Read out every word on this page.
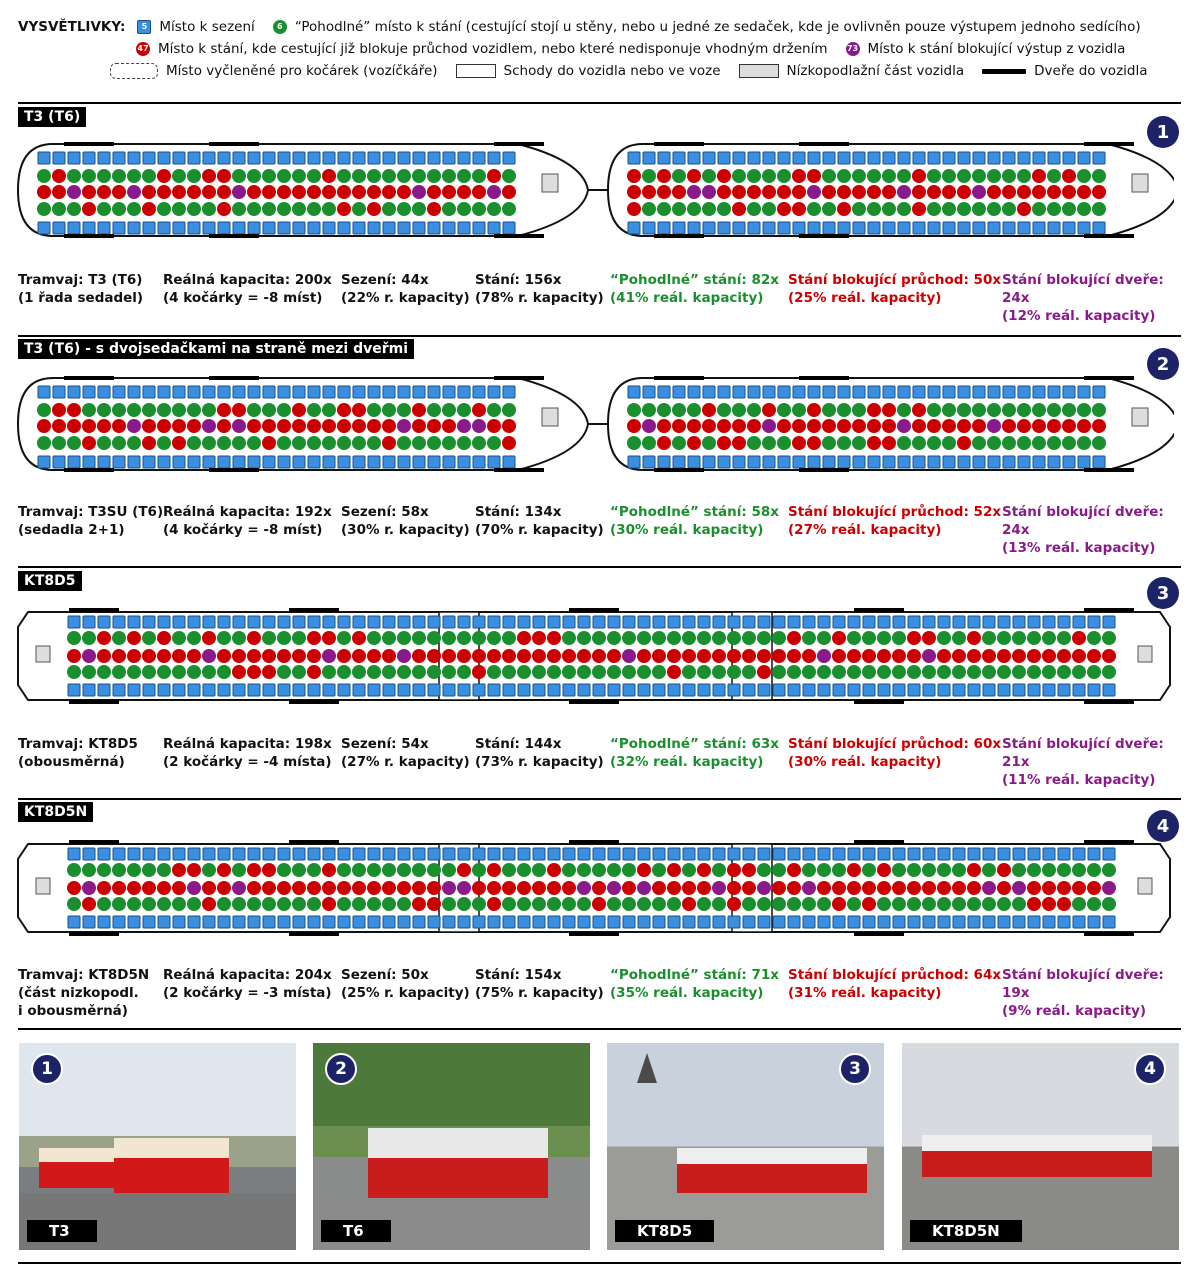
VYSVĚTLIVKY:	5 Místo k sezení	6 “Pohodlné” místo k stání (cestující stojí u stěny, nebo u jedné ze sedaček, kde je ovlivněn pouze výstupem jednoho sedícího)
47 Místo k stání, kde cestující již blokuje průchod vozidlem, nebo které nedisponuje vhodným držením 73 Místo k stání blokující výstup z vozidla
Místo vyčleněné pro kočárek (vozíčkáře)	Schody do vozidla nebo ve voze	Nízkopodlažní část vozidla	Dveře do vozidla
T3 (T6)
1
Tramvaj: T3 (T6)
(1 řada sedadel)
Reálná kapacita: 200x
(4 kočárky = -8 míst)
Sezení: 44x
(22% r. kapacity)
Stání: 156x
(78% r. kapacity)
“Pohodlné” stání: 82x
(41% reál. kapacity)
Stání blokující průchod: 50x
(25% reál. kapacity)
Stání blokující dveře: 24x
(12% reál. kapacity)
T3 (T6) - s dvojsedačkami na straně mezi dveřmi
2
Tramvaj: T3SU (T6)
(sedadla 2+1)
Reálná kapacita: 192x
(4 kočárky = -8 míst)
Sezení: 58x
(30% r. kapacity)
Stání: 134x
(70% r. kapacity)
“Pohodlné” stání: 58x
(30% reál. kapacity)
Stání blokující průchod: 52x
(27% reál. kapacity)
Stání blokující dveře: 24x
(13% reál. kapacity)
KT8D5
3
Tramvaj: KT8D5
(obousměrná)
Reálná kapacita: 198x
(2 kočárky = -4 místa)
Sezení: 54x
(27% r. kapacity)
Stání: 144x
(73% r. kapacity)
“Pohodlné” stání: 63x
(32% reál. kapacity)
Stání blokující průchod: 60x
(30% reál. kapacity)
Stání blokující dveře: 21x
(11% reál. kapacity)
KT8D5N
4
Tramvaj: KT8D5N
(část nizkopodl.
i obousměrná)
Reálná kapacita: 204x
(2 kočárky = -3 místa)
Sezení: 50x
(25% r. kapacity)
Stání: 154x
(75% r. kapacity)
“Pohodlné” stání: 71x
(35% reál. kapacity)
Stání blokující průchod: 64x
(31% reál. kapacity)
Stání blokující dveře: 19x
(9% reál. kapacity)
1
T3
2
T6
3
KT8D5
4
KT8D5N
